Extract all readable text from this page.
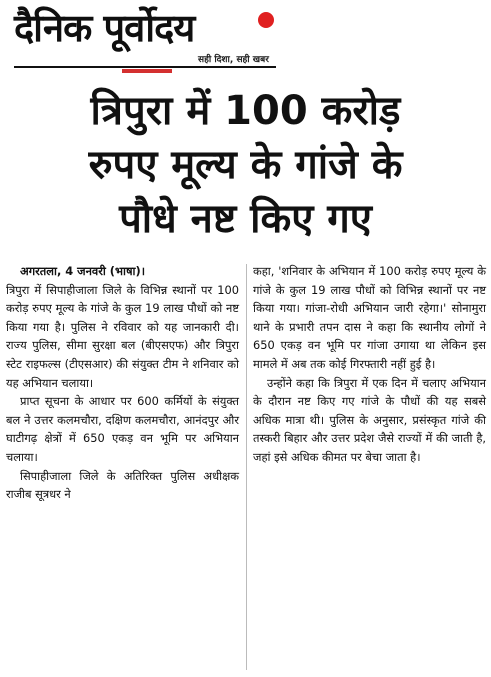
दैनिक पूर्वोदय
सही दिशा, सही खबर
त्रिपुरा में 100 करोड़
रुपए मूल्य के गांजे के
पौधे नष्ट किए गए
अगरतला, 4 जनवरी (भाषा)।

त्रिपुरा में सिपाहीजाला जिले के विभिन्न स्थानों पर 100 करोड़ रुपए मूल्य के गांजे के कुल 19 लाख पौधों को नष्ट किया गया है। पुलिस ने रविवार को यह जानकारी दी। राज्य पुलिस, सीमा सुरक्षा बल (बीएसएफ) और त्रिपुरा स्टेट राइफल्स (टीएसआर) की संयुक्त टीम ने शनिवार को यह अभियान चलाया।

प्राप्त सूचना के आधार पर 600 कर्मियों के संयुक्त बल ने उत्तर कलमचौरा, दक्षिण कलमचौरा, आनंदपुर और घाटीगढ़ क्षेत्रों में 650 एकड़ वन भूमि पर अभियान चलाया।

सिपाहीजाला जिले के अतिरिक्त पुलिस अधीक्षक राजीब सूत्रधर ने

कहा, 'शनिवार के अभियान में 100 करोड़ रुपए मूल्य के गांजे के कुल 19 लाख पौधों को विभिन्न स्थानों पर नष्ट किया गया। गांजा-रोधी अभियान जारी रहेगा।' सोनामुरा थाने के प्रभारी तपन दास ने कहा कि स्थानीय लोगों ने 650 एकड़ वन भूमि पर गांजा उगाया था लेकिन इस मामले में अब तक कोई गिरफ्तारी नहीं हुई है।

उन्होंने कहा कि त्रिपुरा में एक दिन में चलाए अभियान के दौरान नष्ट किए गए गांजे के पौधों की यह सबसे अधिक मात्रा थी। पुलिस के अनुसार, प्रसंस्कृत गांजे की तस्करी बिहार और उत्तर प्रदेश जैसे राज्यों में की जाती है, जहां इसे अधिक कीमत पर बेचा जाता है।
